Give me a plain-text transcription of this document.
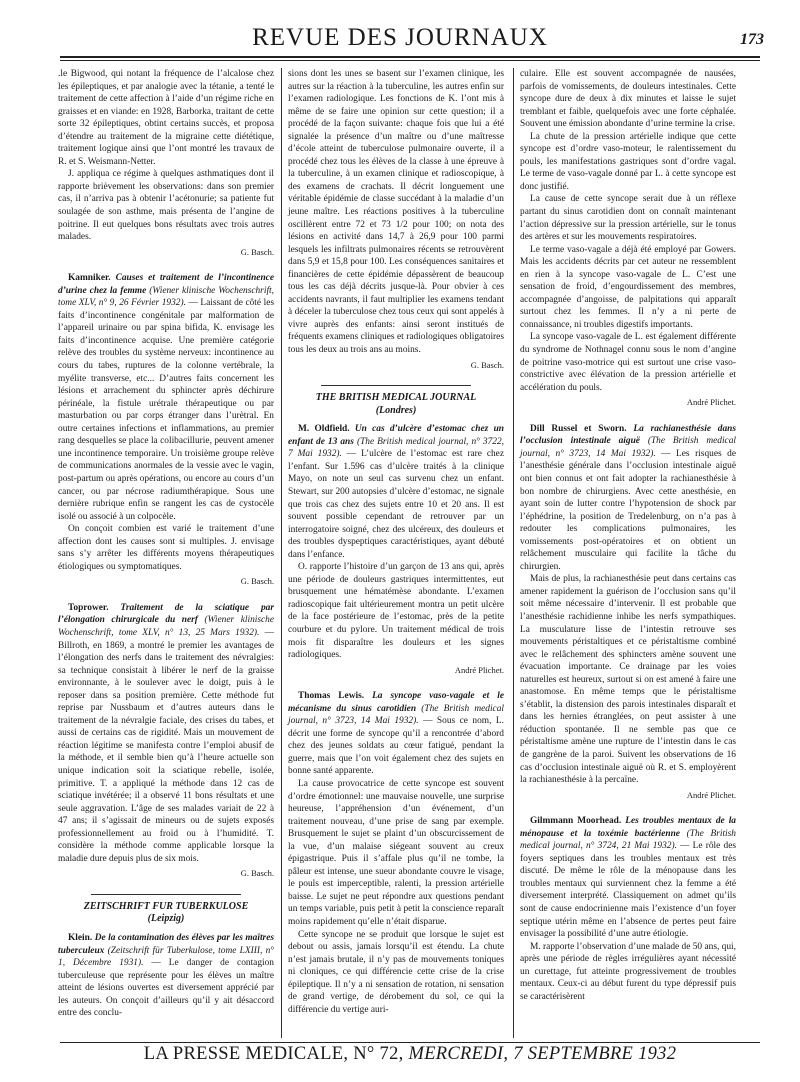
REVUE DES JOURNAUX	173

.le Bigwood, qui notant la fréquence de l’alcalose chez les épileptiques, et par analogie avec la tétanie, a tenté le traitement de cette affection à l’aide d’un régime riche en graisses et en viande: en 1928, Barborka, traitant de cette sorte 32 épileptiques, obtint certains succès, et proposa d’étendre au traitement de la migraine cette diététique, traitement logique ainsi que l’ont montré les travaux de R. et S. Weismann-Netter.

J. appliqua ce régime à quelques asthmatiques dont il rapporte brièvement les observations: dans son premier cas, il n’arriva pas à obtenir l’acétonurie; sa patiente fut soulagée de son asthme, mais présenta de l’angine de poitrine. Il eut quelques bons résultats avec trois autres malades.

G. Basch.

Kamniker. Causes et traitement de l’incontinence d’urine chez la femme (Wiener klinische Wochenschrift, tome XLV, n° 9, 26 Février 1932). — Laissant de côté les faits d’incontinence congénitale par malformation de l’appareil urinaire ou par spina bifida, K. envisage les faits d’incontinence acquise. Une première catégorie relève des troubles du système nerveux: incontinence au cours du tabes, ruptures de la colonne vertébrale, la myélite transverse, etc... D’autres faits concernent les lésions et arrachement du sphincter après déchirure périnéale, la fistule urétrale thérapeutique ou par masturbation ou par corps étranger dans l’urètral. En outre certaines infections et inflammations, au premier rang desquelles se place la colibacillurie, peuvent amener une incontinence temporaire. Un troisième groupe relève de communications anormales de la vessie avec le vagin, post-partum ou après opérations, ou encore au cours d’un cancer, ou par nécrose radiumthérapique. Sous une dernière rubrique enfin se rangent les cas de cystocèle isolé ou associé à un colpocèle.

On conçoit combien est varié le traitement d’une affection dont les causes sont si multiples. J. envisage sans s’y arrêter les différents moyens thérapeutiques étiologiques ou symptomatiques.

G. Basch.

Toprower. Traitement de la sciatique par l’élongation chirurgicale du nerf (Wiener klinische Wochenschrift, tome XLV, n° 13, 25 Mars 1932). — Billroth, en 1869, a montré le premier les avantages de l’élongation des nerfs dans le traitement des névralgies: sa technique consistait à libérer le nerf de la graisse environnante, à le soulever avec le doigt, puis à le reposer dans sa position première. Cette méthode fut reprise par Nussbaum et d’autres auteurs dans le traitement de la névralgie faciale, des crises du tabes, et aussi de certains cas de rigidité. Mais un mouvement de réaction légitime se manifesta contre l’emploi abusif de la méthode, et il semble bien qu’à l’heure actuelle son unique indication soit la sciatique rebelle, isolée, primitive. T. a appliqué la méthode dans 12 cas de sciatique invétérée; il a observé 11 bons résultats et une seule aggravation. L’âge de ses malades variait de 22 à 47 ans; il s’agissait de mineurs ou de sujets exposés professionnellement au froid ou à l’humidité. T. considère la méthode comme applicable lorsque la maladie dure depuis plus de six mois.

G. Basch.
ZEITSCHRIFT FUR TUBERKULOSE
(Leipzig)

Klein. De la contamination des élèves par les maîtres tuberculeux (Zeitschrift für Tuberkulose, tome LXIII, n° 1, Décembre 1931). — Le danger de contagion tuberculeuse que représente pour les élèves un maître atteint de lésions ouvertes est diversement apprécié par les auteurs. On conçoit d’ailleurs qu’il y ait désaccord entre des conclu-

sions dont les unes se basent sur l’examen clinique, les autres sur la réaction à la tuberculine, les autres enfin sur l’examen radiologique. Les fonctions de K. l’ont mis à même de se faire une opinion sur cette question; il a procédé de la façon suivante: chaque fois que lui a été signalée la présence d’un maître ou d’une maîtresse d’école atteint de tuberculose pulmonaire ouverte, il a procédé chez tous les élèves de la classe à une épreuve à la tuberculine, à un examen clinique et radioscopique, à des examens de crachats. Il décrit longuement une véritable épidémie de classe succédant à la maladie d’un jeune maître. Les réactions positives à la tuberculine oscillèrent entre 72 et 73 1/2 pour 100; on nota des lésions en activité dans 14,7 à 26,9 pour 100 parmi lesquels les infiltrats pulmonaires récents se retrouvèrent dans 5,9 et 15,8 pour 100. Les conséquences sanitaires et financières de cette épidémie dépassèrent de beaucoup tous les cas déjà décrits jusque-là. Pour obvier à ces accidents navrants, il faut multiplier les examens tendant à déceler la tuberculose chez tous ceux qui sont appelés à vivre auprès des enfants: ainsi seront institués de fréquents examens cliniques et radiologiques obligatoires tous les deux au trois ans au moins.

G. Basch.
THE BRITISH MEDICAL JOURNAL
(Londres)

M. Oldfield. Un cas d’ulcère d’estomac chez un enfant de 13 ans (The British medical journal, n° 3722, 7 Mai 1932). — L’ulcère de l’estomac est rare chez l’enfant. Sur 1.596 cas d’ulcère traités à la clinique Mayo, on note un seul cas survenu chez un enfant. Stewart, sur 200 autopsies d’ulcère d’estomac, ne signale que trois cas chez des sujets entre 10 et 20 ans. Il est souvent possible cependant de retrouver par un interrogatoire soigné, chez des ulcéreux, des douleurs et des troubles dyspeptiques caractéristiques, ayant débuté dans l’enfance.

O. rapporte l’histoire d’un garçon de 13 ans qui, après une période de douleurs gastriques intermittentes, eut brusquement une hématémèse abondante. L’examen radioscopique fait ultérieurement montra un petit ulcère de la face postérieure de l’estomac, près de la petite courbure et du pylore. Un traitement médical de trois mois fit disparaître les douleurs et les signes radiologiques.

André Plichet.

Thomas Lewis. La syncope vaso-vagale et le mécanisme du sinus carotidien (The British medical journal, n° 3723, 14 Mai 1932). — Sous ce nom, L. décrit une forme de syncope qu’il a rencontrée d’abord chez des jeunes soldats au cœur fatigué, pendant la guerre, mais que l’on voit également chez des sujets en bonne santé apparente.

La cause provocatrice de cette syncope est souvent d’ordre émotionnel: une mauvaise nouvelle, une surprise heureuse, l’appréhension d’un événement, d’un traitement nouveau, d’une prise de sang par exemple. Brusquement le sujet se plaint d’un obscurcissement de la vue, d’un malaise siégeant souvent au creux épigastrique. Puis il s’affale plus qu’il ne tombe, la pâleur est intense, une sueur abondante couvre le visage, le pouls est imperceptible, ralenti, la pression artérielle baisse. Le sujet ne peut répondre aux questions pendant un temps variable, puis petit à petit la conscience reparaît moins rapidement qu’elle n’était disparue.

Cette syncope ne se produit que lorsque le sujet est debout ou assis, jamais lorsqu’il est étendu. La chute n’est jamais brutale, il n’y pas de mouvements toniques ni cloniques, ce qui différencie cette crise de la crise épileptique. Il n’y a ni sensation de rotation, ni sensation de grand vertige, de dérobement du sol, ce qui la différencie du vertige auri-

culaire. Elle est souvent accompagnée de nausées, parfois de vomissements, de douleurs intestinales. Cette syncope dure de deux à dix minutes et laisse le sujet tremblant et faible, quelquefois avec une forte céphalée. Souvent une émission abondante d’urine termine la crise.

La chute de la pression artérielle indique que cette syncope est d’ordre vaso-moteur, le ralentissement du pouls, les manifestations gastriques sont d’ordre vagal. Le terme de vaso-vagale donné par L. à cette syncope est donc justifié.

La cause de cette syncope serait due à un réflexe partant du sinus carotidien dont on connaît maintenant l’action dépressive sur la pression artérielle, sur le tonus des artères et sur les mouvements respiratoires.

Le terme vaso-vagale a déjà été employé par Gowers. Mais les accidents décrits par cet auteur ne ressemblent en rien à la syncope vaso-vagale de L. C’est une sensation de froid, d’engourdissement des membres, accompagnée d’angoisse, de palpitations qui apparaît surtout chez les femmes. Il n’y a ni perte de connaissance, ni troubles digestifs importants.

La syncope vaso-vagale de L. est également différente du syndrome de Nothnagel connu sous le nom d’angine de poitrine vaso-motrice qui est surtout une crise vaso-constrictive avec élévation de la pression artérielle et accélération du pouls.

André Plichet.

Dill Russel et Sworn. La rachianesthésie dans l’occlusion intestinale aiguë (The British medical journal, n° 3723, 14 Mai 1932). — Les risques de l’anesthésie générale dans l’occlusion intestinale aiguë ont bien connus et ont fait adopter la rachianesthésie à bon nombre de chirurgiens. Avec cette anesthésie, en ayant soin de lutter contre l’hypotension de shock par l’éphédrine, la position de Tredelenburg, on n’a pas à redouter les complications pulmonaires, les vomissements post-opératoires et on obtient un relâchement musculaire qui facilite la tâche du chirurgien.

Mais de plus, la rachianesthésie peut dans certains cas amener rapidement la guérison de l’occlusion sans qu’il soit même nécessaire d’intervenir. Il est probable que l’anesthésie rachidienne inhibe les nerfs sympathiques. La musculature lisse de l’intestin retrouve ses mouvements péristaltiques et ce péristaltisme combiné avec le relâchement des sphincters amène souvent une évacuation importante. Ce drainage par les voies naturelles est heureux, surtout si on est amené à faire une anastomose. En même temps que le péristaltisme s’établit, la distension des parois intestinales disparaît et dans les hernies étranglées, on peut assister à une réduction spontanée. Il ne semble pas que ce péristaltisme amène une rupture de l’intestin dans le cas de gangrène de la paroi. Suivent les observations de 16 cas d’occlusion intestinale aiguë où R. et S. employèrent la rachianesthésie à la percaïne.

André Plichet.

Gilmmann Moorhead. Les troubles mentaux de la ménopause et la toxémie bactérienne (The British medical journal, n° 3724, 21 Mai 1932). — Le rôle des foyers septiques dans les troubles mentaux est très discuté. De même le rôle de la ménopause dans les troubles mentaux qui surviennent chez la femme a été diversement interprété. Classiquement on admet qu’ils sont de cause endocrinienne mais l’existence d’un foyer septique utérin même en l’absence de pertes peut faire envisager la possibilité d’une autre étiologie.

M. rapporte l’observation d’une malade de 50 ans, qui, après une période de règles irrégulières ayant nécessité un curettage, fut atteinte progressivement de troubles mentaux. Ceux-ci au début furent du type dépressif puis se caractérisèrent

LA PRESSE MEDICALE, N° 72, MERCREDI, 7 SEPTEMBRE 1932
